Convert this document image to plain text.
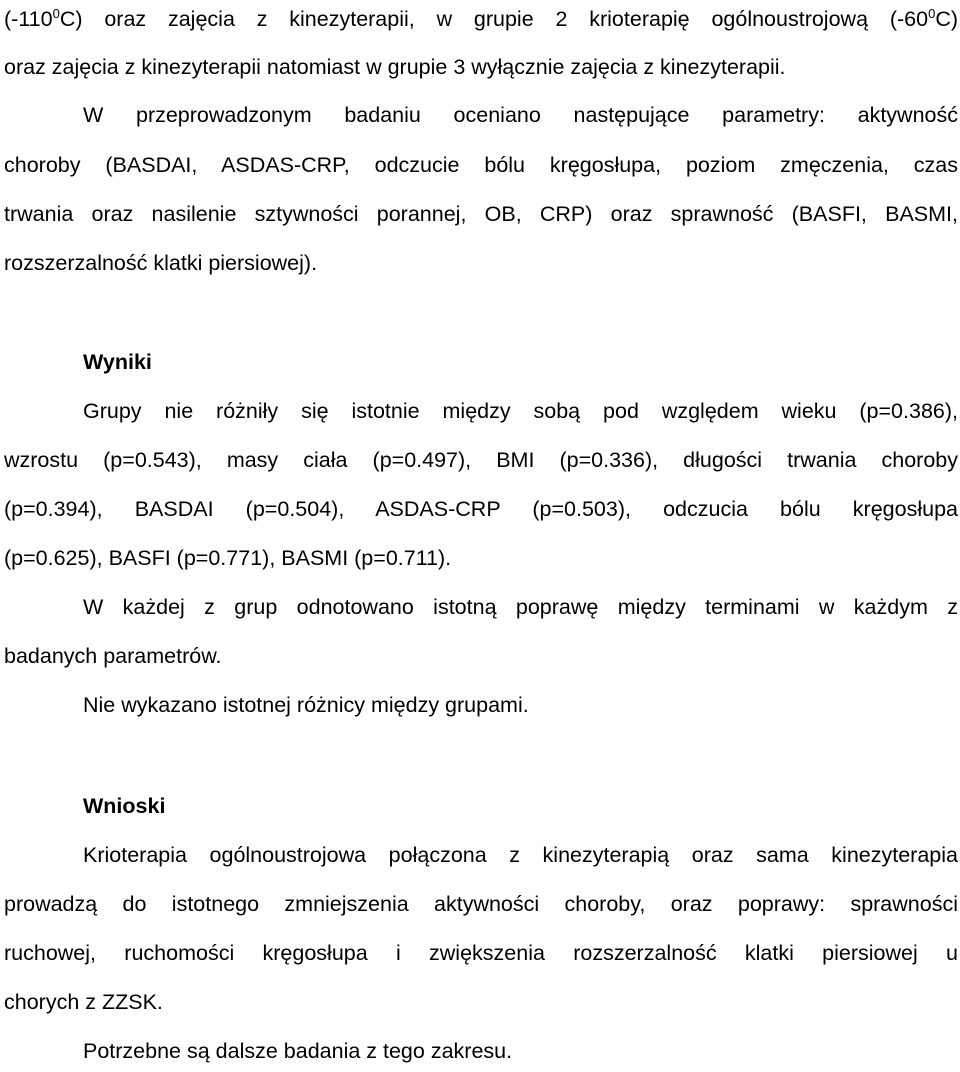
$(-110^0C)$ oraz zajęcia z kinezyterapii, w grupie 2 krioterapię ogólnoustrojową $(-60^0C)$
oraz zajęcia z kinezyterapii natomiast w grupie 3 wyłącznie zajęcia z kinezyterapii.
W przeprowadzonym badaniu oceniano następujące parametry: aktywność
choroby (BASDAI, ASDAS-CRP, odczucie bólu kręgosłupa, poziom zmęczenia, czas
trwania oraz nasilenie sztywności porannej, OB, CRP) oraz sprawność (BASFI, BASMI,
rozszerzalność klatki piersiowej).
Wyniki
Grupy nie różniły się istotnie między sobą pod względem wieku (p=0.386),
wzrostu (p=0.543), masy ciała (p=0.497), BMI (p=0.336), długości trwania choroby
(p=0.394), BASDAI (p=0.504), ASDAS-CRP (p=0.503), odczucia bólu kręgosłupa
(p=0.625), BASFI (p=0.771), BASMI (p=0.711).
W każdej z grup odnotowano istotną poprawę między terminami w każdym z
badanych parametrów.
Nie wykazano istotnej różnicy między grupami.
Wnioski
Krioterapia ogólnoustrojowa połączona z kinezyterapią oraz sama kinezyterapia
prowadzą do istotnego zmniejszenia aktywności choroby, oraz poprawy: sprawności
ruchowej, ruchomości kręgosłupa i zwiększenia rozszerzalność klatki piersiowej u
chorych z ZZSK.
Potrzebne są dalsze badania z tego zakresu.
